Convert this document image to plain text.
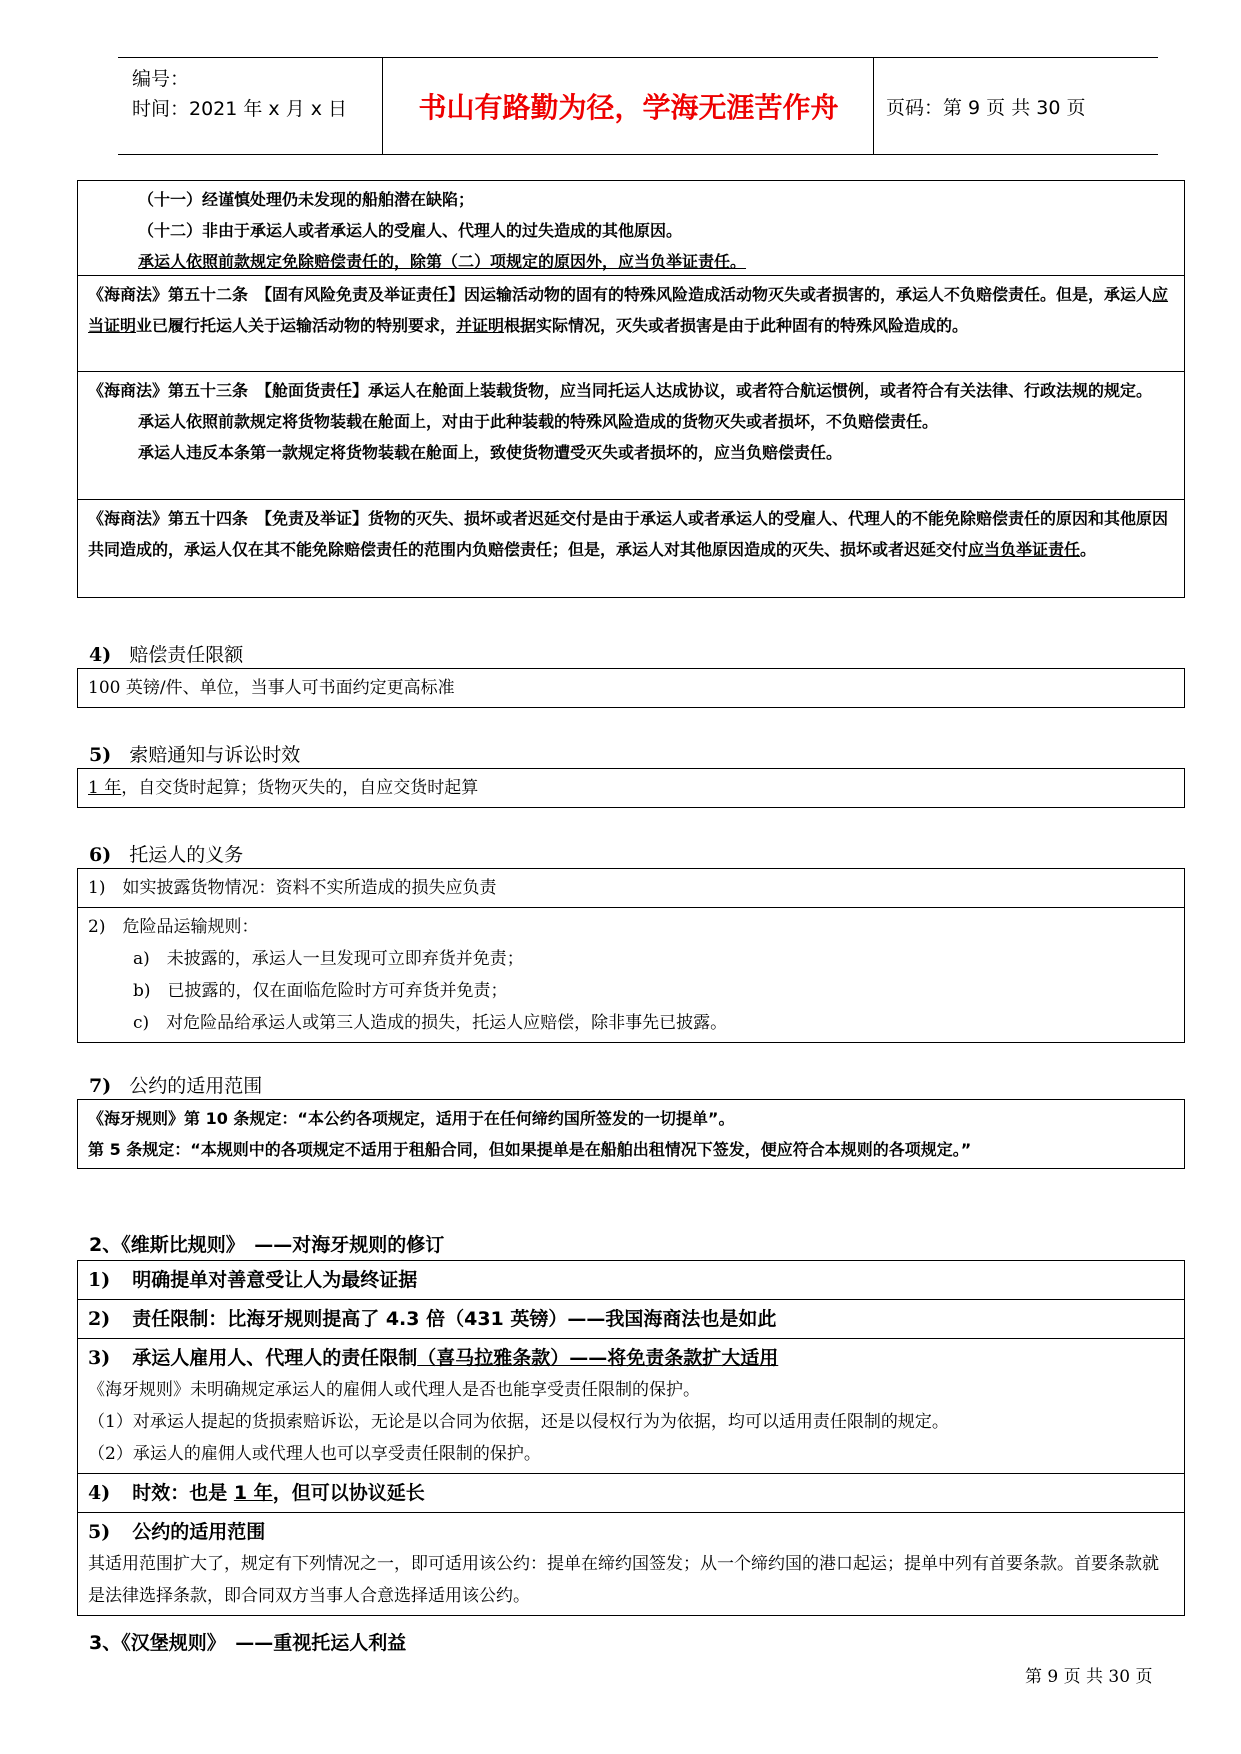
编号：
时间：2021 年 x 月 x 日	书山有路勤为径，学海无涯苦作舟	页码：第 9 页 共 30 页
（十一）经谨慎处理仍未发现的船舶潜在缺陷；
（十二）非由于承运人或者承运人的受雇人、代理人的过失造成的其他原因。
承运人依照前款规定免除赔偿责任的，除第（二）项规定的原因外，应当负举证责任。
《海商法》第五十二条　【固有风险免责及举证责任】因运输活动物的固有的特殊风险造成活动物灭失或者损害的，承运人不负赔偿责任。但是，承运人应当证明业已履行托运人关于运输活动物的特别要求，并证明根据实际情况，灭失或者损害是由于此种固有的特殊风险造成的。
《海商法》第五十三条　【舱面货责任】承运人在舱面上装载货物，应当同托运人达成协议，或者符合航运惯例，或者符合有关法律、行政法规的规定。
承运人依照前款规定将货物装载在舱面上，对由于此种装载的特殊风险造成的货物灭失或者损坏，不负赔偿责任。
承运人违反本条第一款规定将货物装载在舱面上，致使货物遭受灭失或者损坏的，应当负赔偿责任。
《海商法》第五十四条　【免责及举证】货物的灭失、损坏或者迟延交付是由于承运人或者承运人的受雇人、代理人的不能免除赔偿责任的原因和其他原因共同造成的，承运人仅在其不能免除赔偿责任的范围内负赔偿责任；但是，承运人对其他原因造成的灭失、损坏或者迟延交付应当负举证责任。
4) 赔偿责任限额
100 英镑/件、单位，当事人可书面约定更高标准
5) 索赔通知与诉讼时效
1 年，自交货时起算；货物灭失的，自应交货时起算
6) 托运人的义务
1)　如实披露货物情况：资料不实所造成的损失应负责
2)　危险品运输规则：
a)　未披露的，承运人一旦发现可立即弃货并免责；
b)　已披露的，仅在面临危险时方可弃货并免责；
c)　对危险品给承运人或第三人造成的损失，托运人应赔偿，除非事先已披露。
7) 公约的适用范围
《海牙规则》第 10 条规定：“本公约各项规定，适用于在任何缔约国所签发的一切提单”。
第 5 条规定：“本规则中的各项规定不适用于租船合同，但如果提单是在船舶出租情况下签发，便应符合本规则的各项规定。”
2、《维斯比规则》　——对海牙规则的修订
1) 明确提单对善意受让人为最终证据
2) 责任限制：比海牙规则提高了 4.3 倍（431 英镑）——我国海商法也是如此
3) 承运人雇用人、代理人的责任限制（喜马拉雅条款）——将免责条款扩大适用
《海牙规则》未明确规定承运人的雇佣人或代理人是否也能享受责任限制的保护。
（1）对承运人提起的货损索赔诉讼，无论是以合同为依据，还是以侵权行为为依据，均可以适用责任限制的规定。
（2）承运人的雇佣人或代理人也可以享受责任限制的保护。
4) 时效：也是 1 年，但可以协议延长
5) 公约的适用范围
其适用范围扩大了，规定有下列情况之一，即可适用该公约：提单在缔约国签发；从一个缔约国的港口起运；提单中列有首要条款。首要条款就是法律选择条款，即合同双方当事人合意选择适用该公约。
3、《汉堡规则》　——重视托运人利益
第 9 页 共 30 页
